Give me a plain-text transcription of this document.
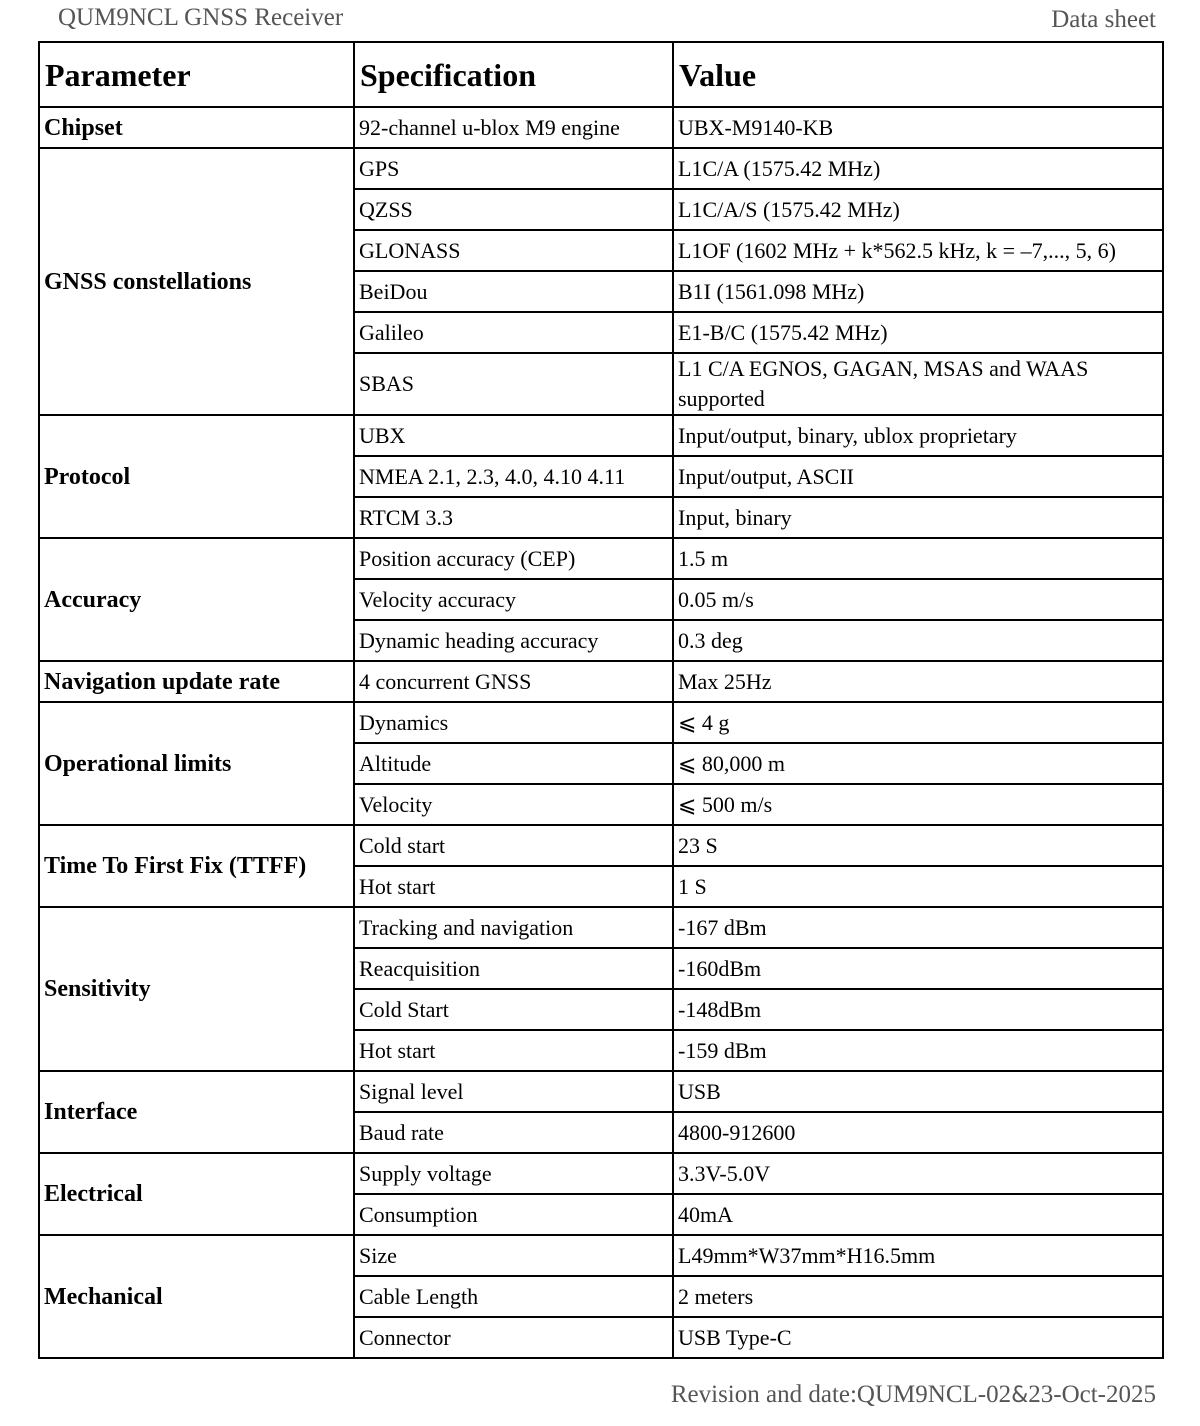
QUM9NCL GNSS Receiver	Data sheet
Parameter	Specification	Value
Chipset	92-channel u-blox M9 engine	UBX-M9140-KB
GNSS constellations	GPS	L1C/A (1575.42 MHz)
	QZSS	L1C/A/S (1575.42 MHz)
	GLONASS	L1OF (1602 MHz + k*562.5 kHz, k = –7,..., 5, 6)
	BeiDou	B1I (1561.098 MHz)
	Galileo	E1-B/C (1575.42 MHz)
	SBAS	L1 C/A EGNOS, GAGAN, MSAS and WAAS supported
Protocol	UBX	Input/output, binary, ublox proprietary
	NMEA 2.1, 2.3, 4.0, 4.10 4.11	Input/output, ASCII
	RTCM 3.3	Input, binary
Accuracy	Position accuracy (CEP)	1.5 m
	Velocity accuracy	0.05 m/s
	Dynamic heading accuracy	0.3 deg
Navigation update rate	4 concurrent GNSS	Max 25Hz
Operational limits	Dynamics	⩽ 4 g
	Altitude	⩽ 80,000 m
	Velocity	⩽ 500 m/s
Time To First Fix (TTFF)	Cold start	23 S
	Hot start	1 S
Sensitivity	Tracking and navigation	-167 dBm
	Reacquisition	-160dBm
	Cold Start	-148dBm
	Hot start	-159 dBm
Interface	Signal level	USB
	Baud rate	4800-912600
Electrical	Supply voltage	3.3V-5.0V
	Consumption	40mA
Mechanical	Size	L49mm*W37mm*H16.5mm
	Cable Length	2 meters
	Connector	USB Type-C
Revision and date:QUM9NCL-02&23-Oct-2025
